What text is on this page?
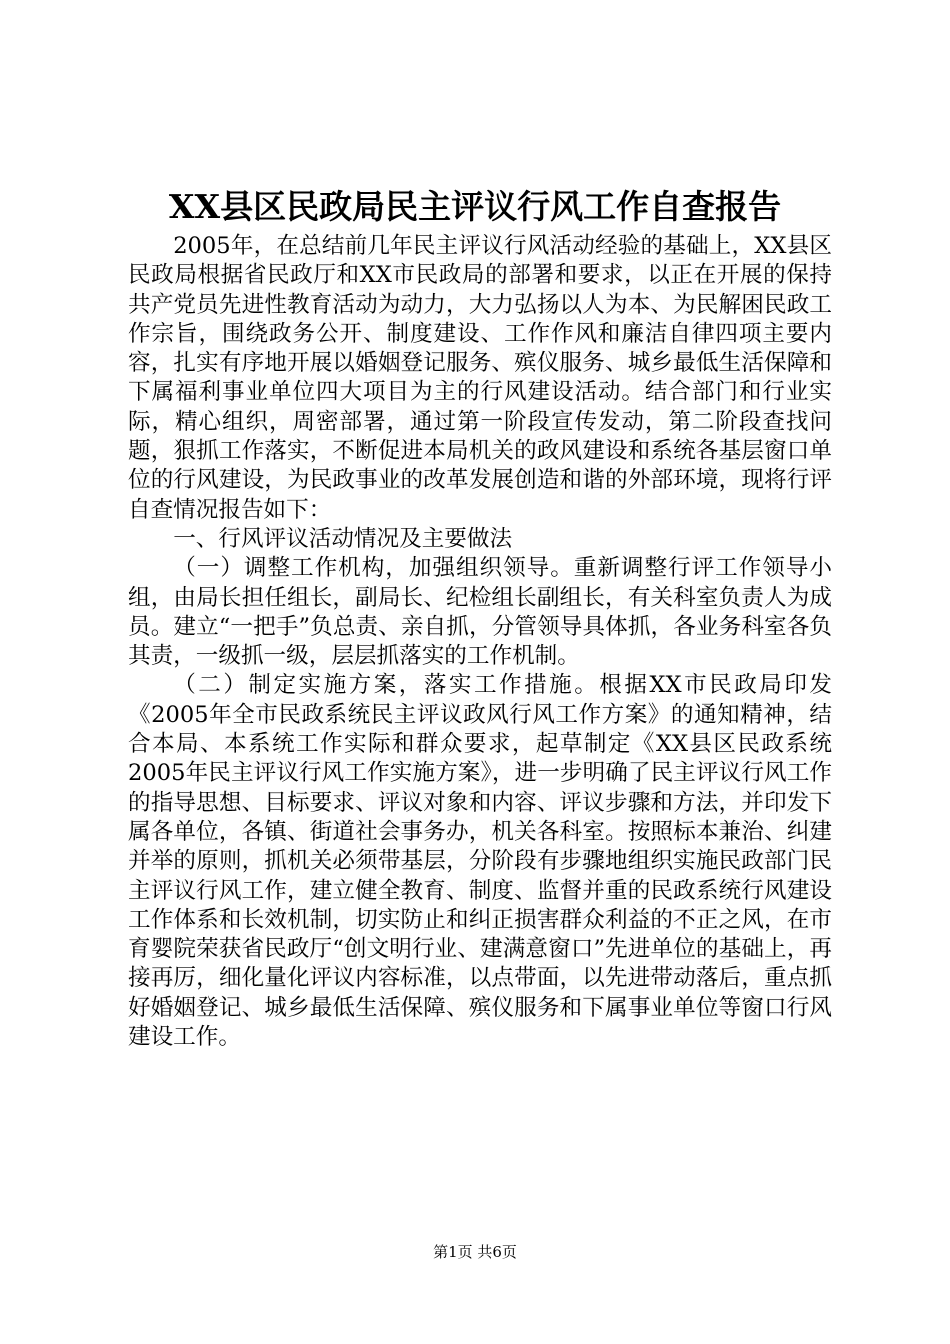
XX县区民政局民主评议行风工作自查报告

2005年，在总结前几年民主评议行风活动经验的基础上，XX县区民政局根据省民政厅和XX市民政局的部署和要求，以正在开展的保持共产党员先进性教育活动为动力，大力弘扬以人为本、为民解困民政工作宗旨，围绕政务公开、制度建设、工作作风和廉洁自律四项主要内容，扎实有序地开展以婚姻登记服务、殡仪服务、城乡最低生活保障和下属福利事业单位四大项目为主的行风建设活动。结合部门和行业实际，精心组织，周密部署，通过第一阶段宣传发动，第二阶段查找问题，狠抓工作落实，不断促进本局机关的政风建设和系统各基层窗口单位的行风建设，为民政事业的改革发展创造和谐的外部环境，现将行评自查情况报告如下：

一、行风评议活动情况及主要做法

（一）调整工作机构，加强组织领导。重新调整行评工作领导小组，由局长担任组长，副局长、纪检组长副组长，有关科室负责人为成员。建立“一把手”负总责、亲自抓，分管领导具体抓，各业务科室各负其责，一级抓一级，层层抓落实的工作机制。

（二）制定实施方案，落实工作措施。根据XX市民政局印发《2005年全市民政系统民主评议政风行风工作方案》的通知精神，结合本局、本系统工作实际和群众要求，起草制定《XX县区民政系统2005年民主评议行风工作实施方案》，进一步明确了民主评议行风工作的指导思想、目标要求、评议对象和内容、评议步骤和方法，并印发下属各单位，各镇、街道社会事务办，机关各科室。按照标本兼治、纠建并举的原则，抓机关必须带基层，分阶段有步骤地组织实施民政部门民主评议行风工作，建立健全教育、制度、监督并重的民政系统行风建设工作体系和长效机制，切实防止和纠正损害群众利益的不正之风，在市育婴院荣获省民政厅“创文明行业、建满意窗口”先进单位的基础上，再接再厉，细化量化评议内容标准，以点带面，以先进带动落后，重点抓好婚姻登记、城乡最低生活保障、殡仪服务和下属事业单位等窗口行风建设工作。

第1页 共6页
